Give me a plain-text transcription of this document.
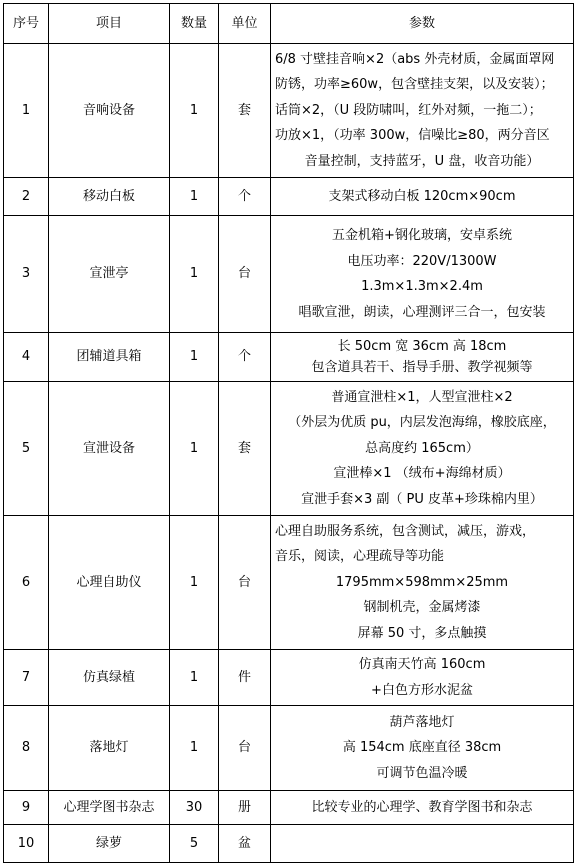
序号	项目	数量	单位	参数
1	音响设备	1	套	6/8 寸壁挂音响×2（abs 外壳材质，金属面罩网
防锈，功率≥60w，包含壁挂支架，以及安装）；
话筒×2，（U 段防啸叫，红外对频，一拖二）；
功放×1，（功率 300w，信噪比≥80，两分音区
音量控制，支持蓝牙，U 盘，收音功能）

2	移动白板	1	个	支架式移动白板 120cm×90cm

3	宣泄亭	1	台	五金机箱+钢化玻璃，安卓系统
电压功率：220V/1300W
1.3m×1.3m×2.4m
唱歌宣泄，朗读，心理测评三合一，包安装

4	团辅道具箱	1	个	长 50cm 宽 36cm 高 18cm
包含道具若干、指导手册、教学视频等

5	宣泄设备	1	套	普通宣泄柱×1，人型宣泄柱×2
（外层为优质 pu，内层发泡海绵，橡胶底座，
总高度约 165cm）
宣泄棒×1 （绒布+海绵材质）
宣泄手套×3 副（ PU 皮革+珍珠棉内里）

6	心理自助仪	1	台	心理自助服务系统，包含测试，减压，游戏，
音乐，阅读，心理疏导等功能
1795mm×598mm×25mm
钢制机壳，金属烤漆
屏幕 50 寸，多点触摸

7	仿真绿植	1	件	仿真南天竹高 160cm
+白色方形水泥盆

8	落地灯	1	台	葫芦落地灯
高 154cm 底座直径 38cm
可调节色温冷暖

9	心理学图书杂志	30	册	比较专业的心理学、教育学图书和杂志

10	绿萝	5	盆	
